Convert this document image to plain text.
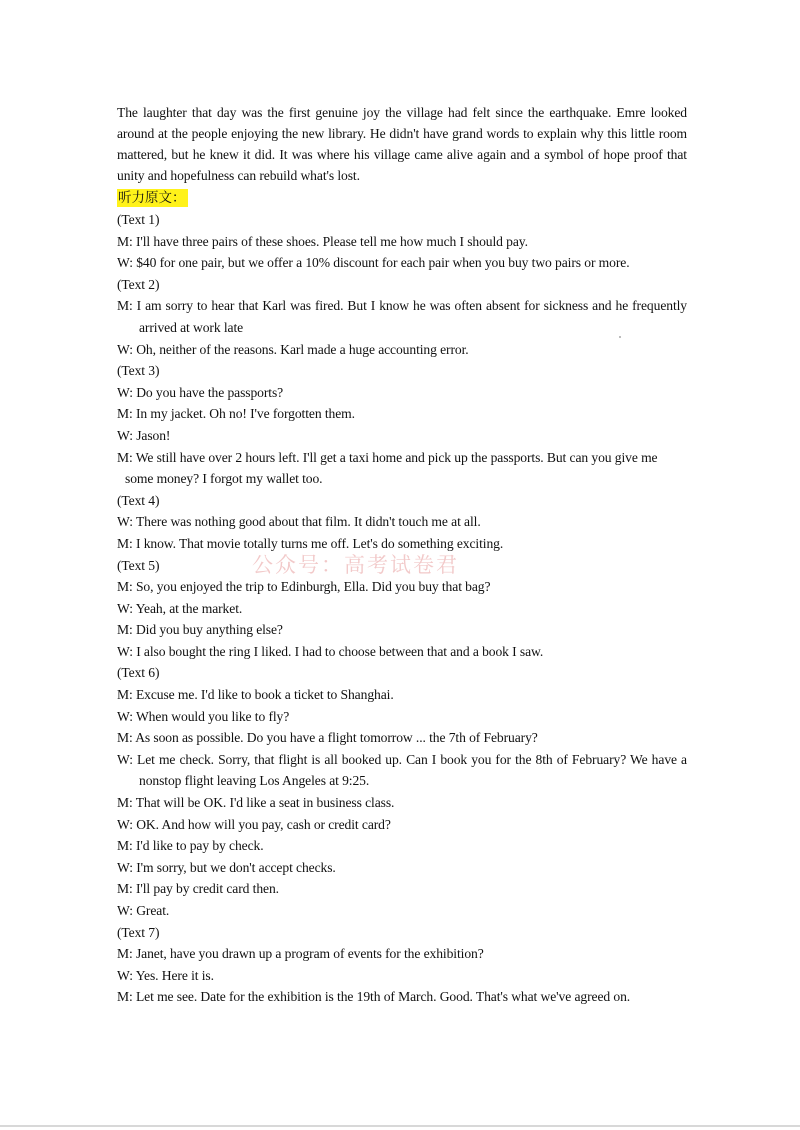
The laughter that day was the first genuine joy the village had felt since the earthquake. Emre looked around at the people enjoying the new library. He didn't have grand words to explain why this little room mattered, but he knew it did. It was where his village came alive again and a symbol of hope proof that unity and hopefulness can rebuild what's lost.

听力原文：

(Text 1)

M: I'll have three pairs of these shoes. Please tell me how much I should pay.

W: $40 for one pair, but we offer a 10% discount for each pair when you buy two pairs or more.

(Text 2)

M: I am sorry to hear that Karl was fired. But I know he was often absent for sickness and he frequently arrived at work late

W: Oh, neither of the reasons. Karl made a huge accounting error.

(Text 3)

W: Do you have the passports?

M: In my jacket. Oh no! I've forgotten them.

W: Jason!

M: We still have over 2 hours left. I'll get a taxi home and pick up the passports. But can you give me

some money? I forgot my wallet too.

(Text 4)

W: There was nothing good about that film. It didn't touch me at all.

M: I know. That movie totally turns me off. Let's do something exciting.

(Text 5)

M: So, you enjoyed the trip to Edinburgh, Ella. Did you buy that bag?

W: Yeah, at the market.

M: Did you buy anything else?

W: I also bought the ring I liked. I had to choose between that and a book I saw.

(Text 6)

M: Excuse me. I'd like to book a ticket to Shanghai.

W: When would you like to fly?

M: As soon as possible. Do you have a flight tomorrow ... the 7th of February?

W: Let me check. Sorry, that flight is all booked up. Can I book you for the 8th of February? We have a nonstop flight leaving Los Angeles at 9:25.

M: That will be OK. I'd like a seat in business class.

W: OK. And how will you pay, cash or credit card?

M: I'd like to pay by check.

W: I'm sorry, but we don't accept checks.

M: I'll pay by credit card then.

W: Great.

(Text 7)

M: Janet, have you drawn up a program of events for the exhibition?

W: Yes. Here it is.

M: Let me see. Date for the exhibition is the 19th of March. Good. That's what we've agreed on.

公众号：高考试卷君
